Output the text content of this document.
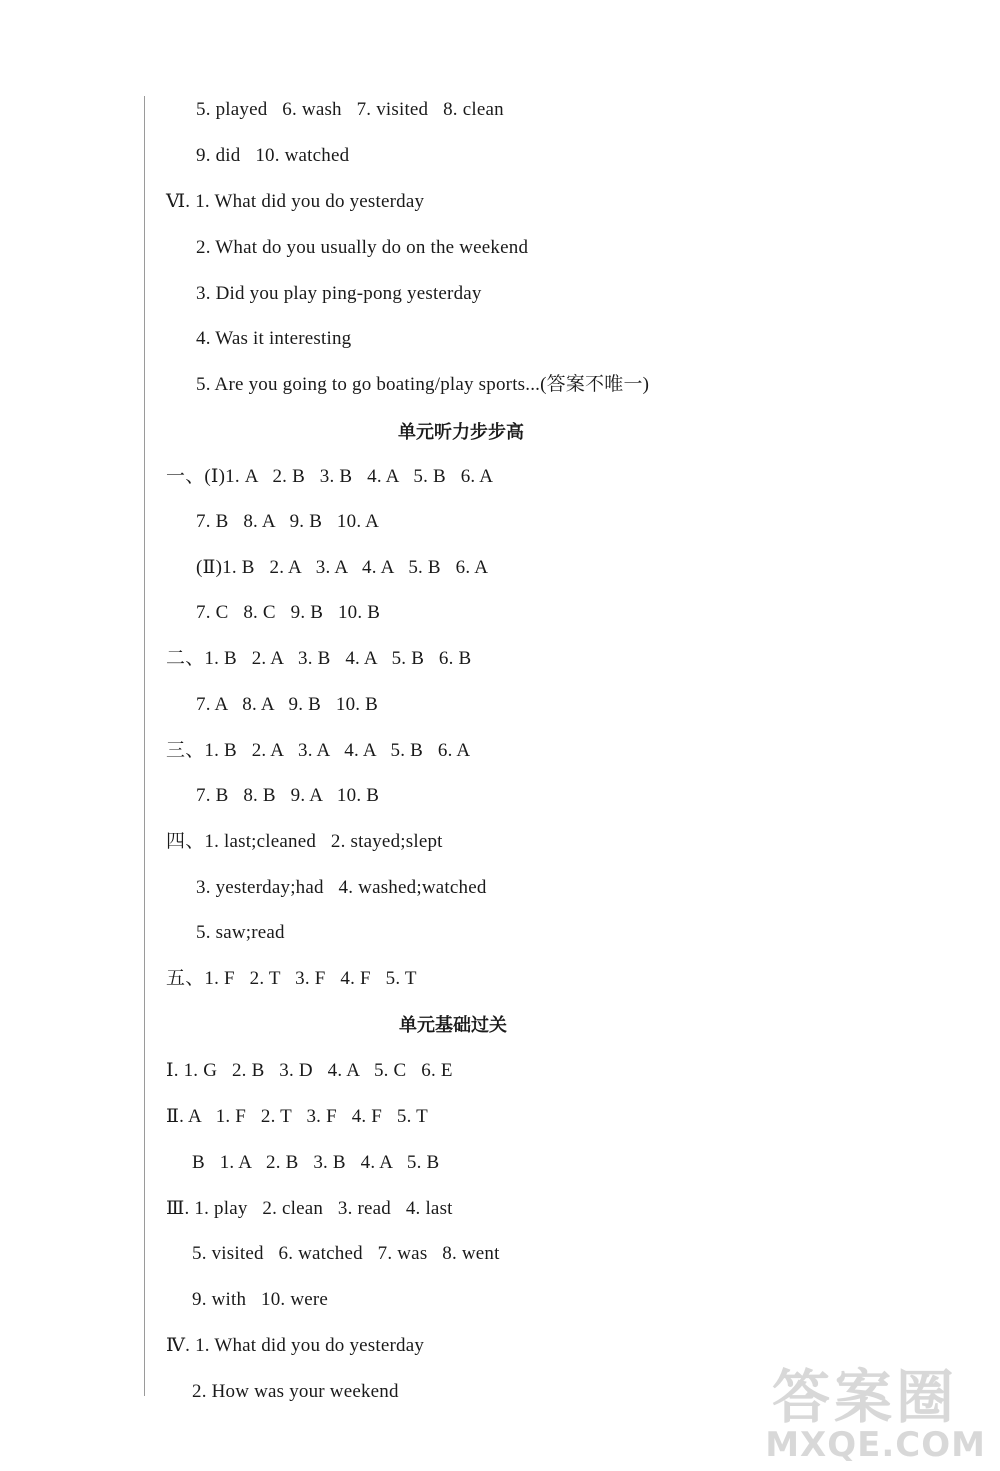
5. played   6. wash   7. visited   8. clean
9. did   10. watched
Ⅵ. 1. What did you do yesterday
2. What do you usually do on the weekend
3. Did you play ping-pong yesterday
4. Was it interesting
5. Are you going to go boating/play sports...(答案不唯一)
一、(Ⅰ)1. A   2. B   3. B   4. A   5. B   6. A
7. B   8. A   9. B   10. A
(Ⅱ)1. B   2. A   3. A   4. A   5. B   6. A
7. C   8. C   9. B   10. B
二、1. B   2. A   3. B   4. A   5. B   6. B
7. A   8. A   9. B   10. B
三、1. B   2. A   3. A   4. A   5. B   6. A
7. B   8. B   9. A   10. B
四、1. last;cleaned   2. stayed;slept
3. yesterday;had   4. washed;watched
5. saw;read
五、1. F   2. T   3. F   4. F   5. T
Ⅰ. 1. G   2. B   3. D   4. A   5. C   6. E
Ⅱ. A   1. F   2. T   3. F   4. F   5. T
B   1. A   2. B   3. B   4. A   5. B
Ⅲ. 1. play   2. clean   3. read   4. last
5. visited   6. watched   7. was   8. went
9. with   10. were
Ⅳ. 1. What did you do yesterday
2. How was your weekend
单元听力步步高
单元基础过关
答案圈
MXQE.COM
